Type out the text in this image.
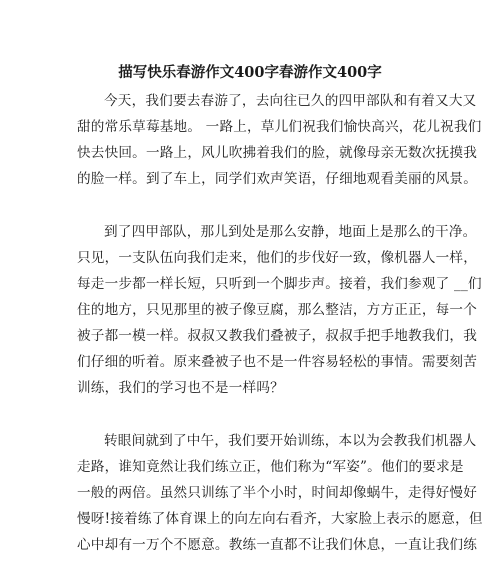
描写快乐春游作文400字春游作文400字
今天，我们要去春游了，去向往已久的四甲部队和有着又大又
甜的常乐草莓基地。 一路上，草儿们祝我们愉快高兴，花儿祝我们
快去快回。一路上，风儿吹拂着我们的脸，就像母亲无数次抚摸我
的脸一样。到了车上，同学们欢声笑语，仔细地观看美丽的风景。
到了四甲部队，那儿到处是那么安静，地面上是那么的干净。
只见，一支队伍向我们走来，他们的步伐好一致，像机器人一样，
每走一步都一样长短，只听到一个脚步声。接着，我们参观了 __们
住的地方，只见那里的被子像豆腐，那么整洁，方方正正，每一个
被子都一模一样。叔叔又教我们叠被子，叔叔手把手地教我们，我
们仔细的听着。原来叠被子也不是一件容易轻松的事情。需要刻苦
训练，我们的学习也不是一样吗？
转眼间就到了中午，我们要开始训练，本以为会教我们机器人
走路，谁知竟然让我们练立正，他们称为“军姿”。他们的要求是
一般的两倍。虽然只训练了半个小时，时间却像蜗牛，走得好慢好
慢呀!接着练了体育课上的向左向右看齐，大家脸上表示的愿意，但
心中却有一万个不愿意。教练一直都不让我们休息，一直让我们练
